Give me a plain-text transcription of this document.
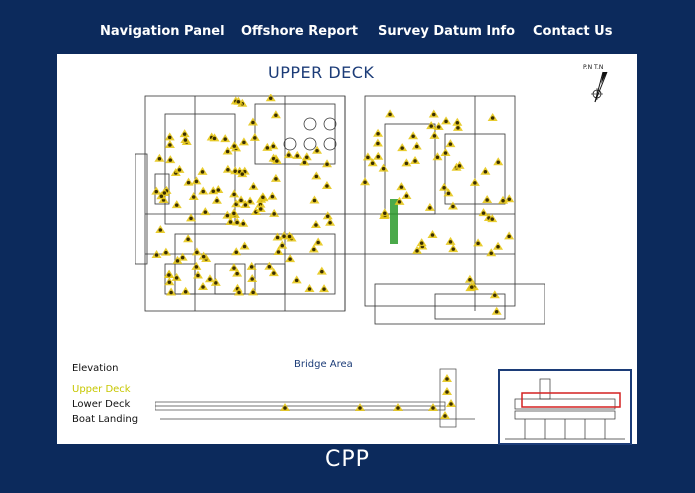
Navigation Panel Offshore Report Survey Datum Info Contact Us
UPPER DECK	P.N T.N
Elevation
Upper Deck
Lower Deck
Boat Landing
Bridge Area
CPP
